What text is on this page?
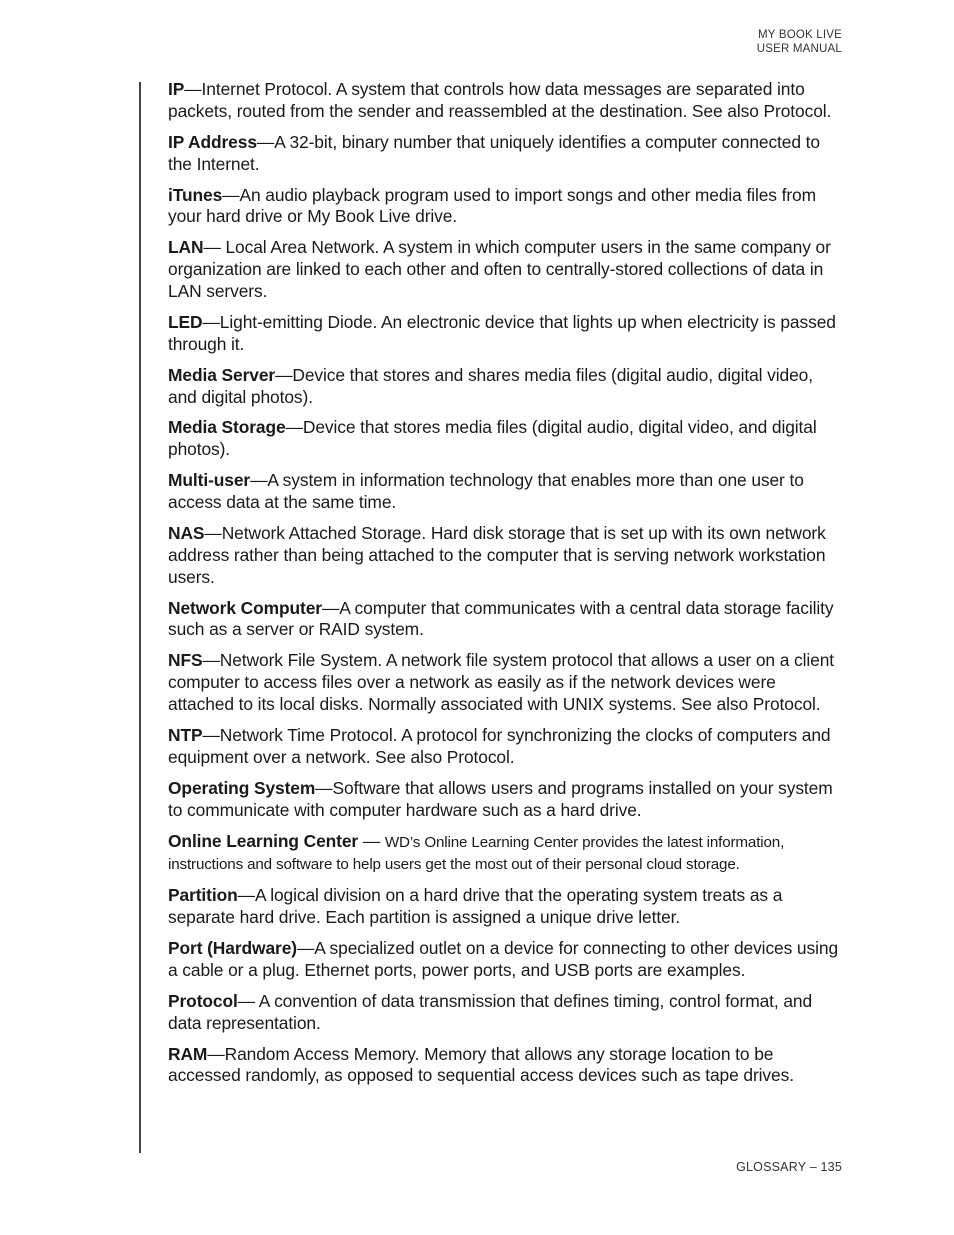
MY BOOK LIVE
USER MANUAL

IP—Internet Protocol. A system that controls how data messages are separated into packets, routed from the sender and reassembled at the destination. See also Protocol.

IP Address—A 32-bit, binary number that uniquely identifies a computer connected to the Internet.

iTunes—An audio playback program used to import songs and other media files from your hard drive or My Book Live drive.

LAN— Local Area Network. A system in which computer users in the same company or organization are linked to each other and often to centrally-stored collections of data in LAN servers.

LED—Light-emitting Diode. An electronic device that lights up when electricity is passed through it.

Media Server—Device that stores and shares media files (digital audio, digital video, and digital photos).

Media Storage—Device that stores media files (digital audio, digital video, and digital photos).

Multi-user—A system in information technology that enables more than one user to access data at the same time.

NAS—Network Attached Storage. Hard disk storage that is set up with its own network address rather than being attached to the computer that is serving network workstation users.

Network Computer—A computer that communicates with a central data storage facility such as a server or RAID system.

NFS—Network File System. A network file system protocol that allows a user on a client computer to access files over a network as easily as if the network devices were attached to its local disks. Normally associated with UNIX systems. See also Protocol.

NTP—Network Time Protocol. A protocol for synchronizing the clocks of computers and equipment over a network. See also Protocol.

Operating System—Software that allows users and programs installed on your system to communicate with computer hardware such as a hard drive.

Online Learning Center — WD’s Online Learning Center provides the latest information, instructions and software to help users get the most out of their personal cloud storage.

Partition—A logical division on a hard drive that the operating system treats as a separate hard drive. Each partition is assigned a unique drive letter.

Port (Hardware)—A specialized outlet on a device for connecting to other devices using a cable or a plug. Ethernet ports, power ports, and USB ports are examples.

Protocol— A convention of data transmission that defines timing, control format, and data representation.

RAM—Random Access Memory. Memory that allows any storage location to be accessed randomly, as opposed to sequential access devices such as tape drives.

GLOSSARY – 135
